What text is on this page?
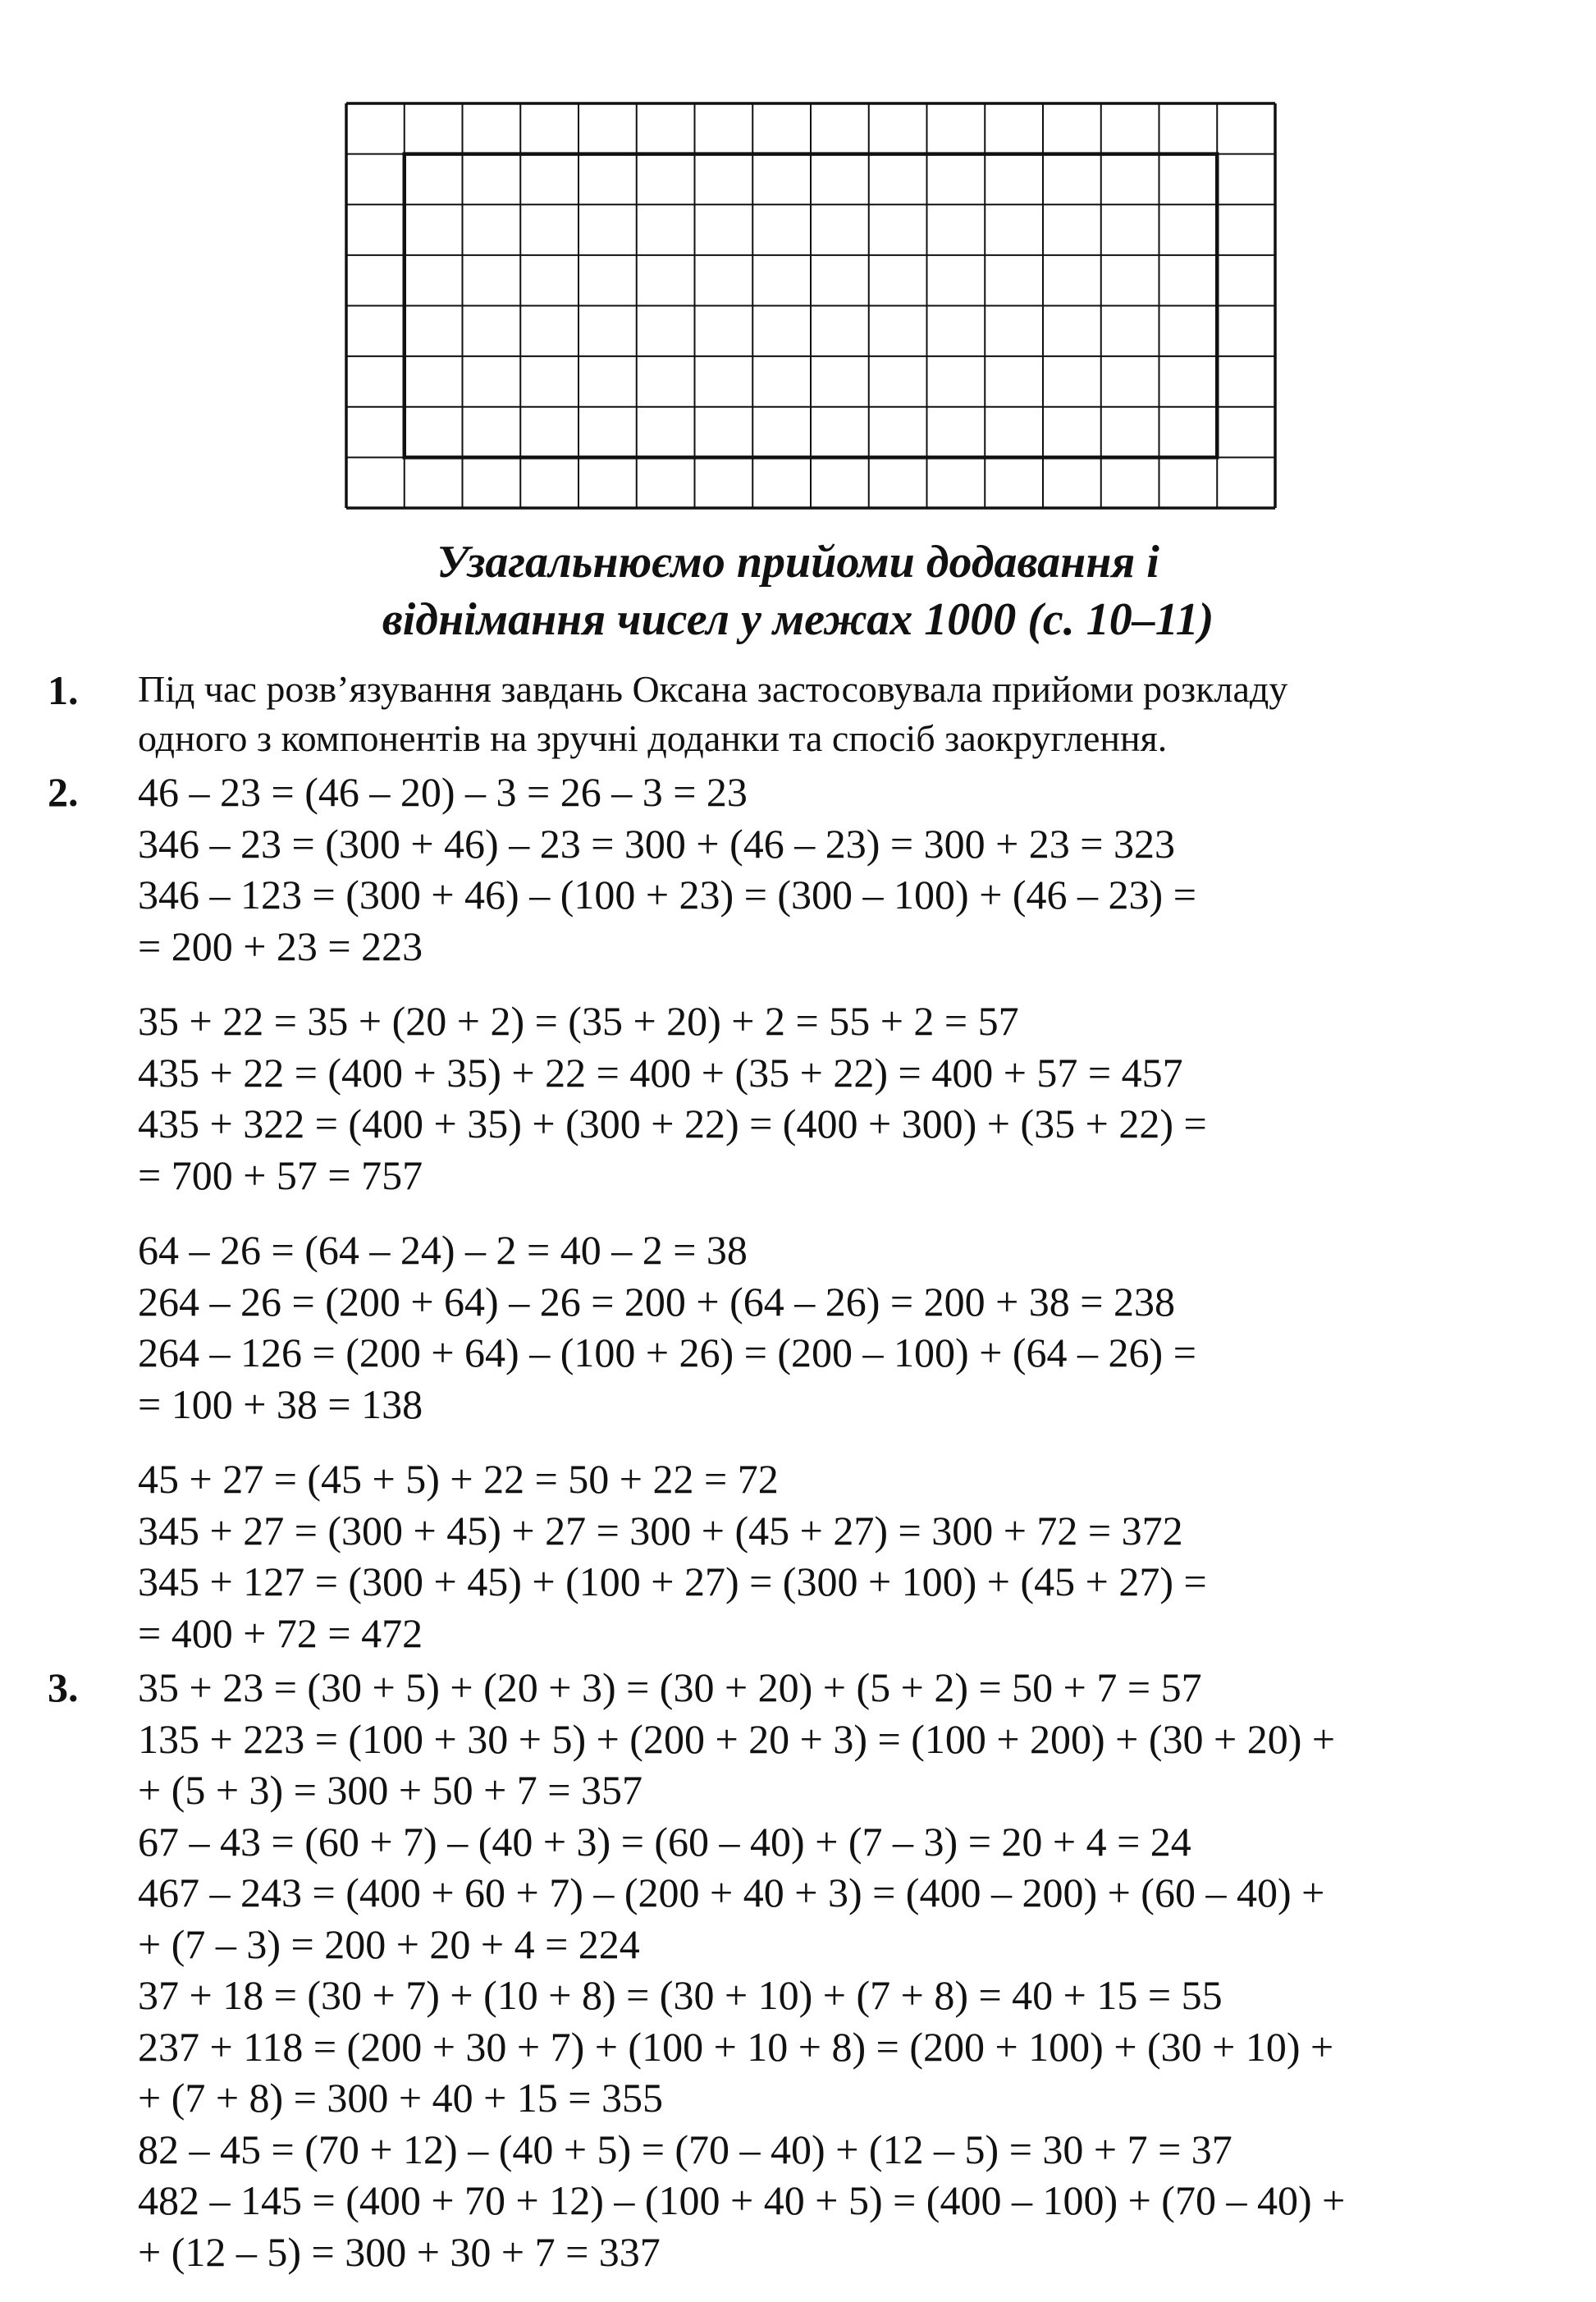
Узагальнюємо прийоми додавання і
віднімання чисел у межах 1000 (с. 10–11)
1. Під час розв’язування завдань Оксана застосовувала прийоми розкладу
одного з компонентів на зручні доданки та спосіб заокруглення.
2. 46 – 23 = (46 – 20) – 3 = 26 – 3 = 23
346 – 23 = (300 + 46) – 23 = 300 + (46 – 23) = 300 + 23 = 323
346 – 123 = (300 + 46) – (100 + 23) = (300 – 100) + (46 – 23) =
= 200 + 23 = 223
35 + 22 = 35 + (20 + 2) = (35 + 20) + 2 = 55 + 2 = 57
435 + 22 = (400 + 35) + 22 = 400 + (35 + 22) = 400 + 57 = 457
435 + 322 = (400 + 35) + (300 + 22) = (400 + 300) + (35 + 22) =
= 700 + 57 = 757
64 – 26 = (64 – 24) – 2 = 40 – 2 = 38
264 – 26 = (200 + 64) – 26 = 200 + (64 – 26) = 200 + 38 = 238
264 – 126 = (200 + 64) – (100 + 26) = (200 – 100) + (64 – 26) =
= 100 + 38 = 138
45 + 27 = (45 + 5) + 22 = 50 + 22 = 72
345 + 27 = (300 + 45) + 27 = 300 + (45 + 27) = 300 + 72 = 372
345 + 127 = (300 + 45) + (100 + 27) = (300 + 100) + (45 + 27) =
= 400 + 72 = 472
3. 35 + 23 = (30 + 5) + (20 + 3) = (30 + 20) + (5 + 2) = 50 + 7 = 57
135 + 223 = (100 + 30 + 5) + (200 + 20 + 3) = (100 + 200) + (30 + 20) +
+ (5 + 3) = 300 + 50 + 7 = 357
67 – 43 = (60 + 7) – (40 + 3) = (60 – 40) + (7 – 3) = 20 + 4 = 24
467 – 243 = (400 + 60 + 7) – (200 + 40 + 3) = (400 – 200) + (60 – 40) +
+ (7 – 3) = 200 + 20 + 4 = 224
37 + 18 = (30 + 7) + (10 + 8) = (30 + 10) + (7 + 8) = 40 + 15 = 55
237 + 118 = (200 + 30 + 7) + (100 + 10 + 8) = (200 + 100) + (30 + 10) +
+ (7 + 8) = 300 + 40 + 15 = 355
82 – 45 = (70 + 12) – (40 + 5) = (70 – 40) + (12 – 5) = 30 + 7 = 37
482 – 145 = (400 + 70 + 12) – (100 + 40 + 5) = (400 – 100) + (70 – 40) +
+ (12 – 5) = 300 + 30 + 7 = 337
